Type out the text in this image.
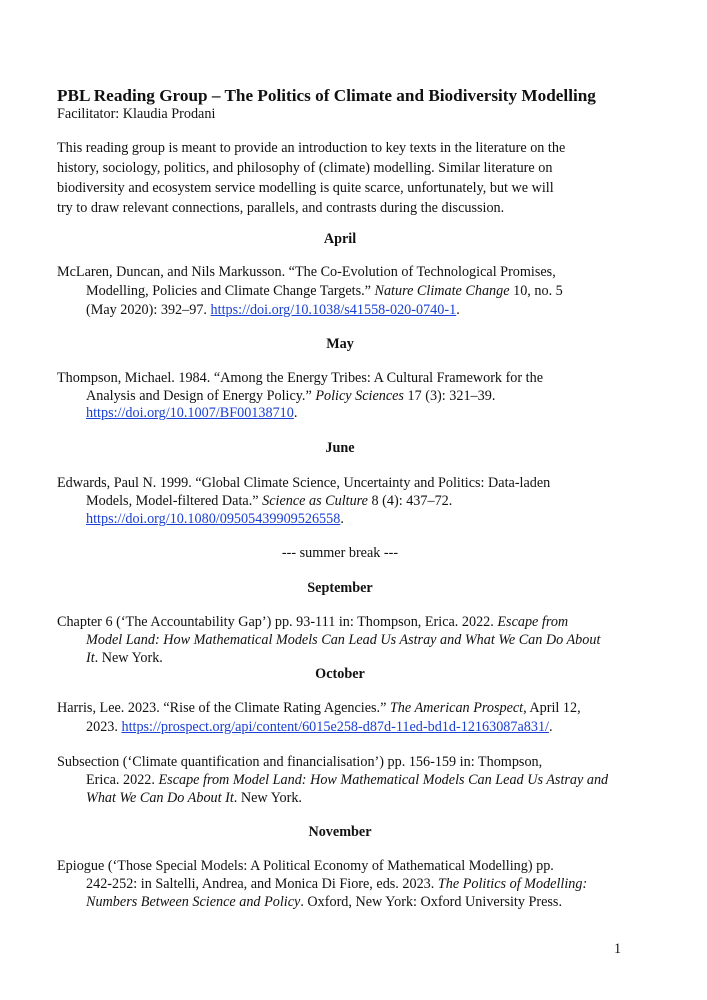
PBL Reading Group – The Politics of Climate and Biodiversity Modelling
Facilitator: Klaudia Prodani
This reading group is meant to provide an introduction to key texts in the literature on the
history, sociology, politics, and philosophy of (climate) modelling. Similar literature on
biodiversity and ecosystem service modelling is quite scarce, unfortunately, but we will
try to draw relevant connections, parallels, and contrasts during the discussion.
April
McLaren, Duncan, and Nils Markusson. “The Co-Evolution of Technological Promises,
Modelling, Policies and Climate Change Targets.” Nature Climate Change 10, no. 5
(May 2020): 392–97. https://doi.org/10.1038/s41558-020-0740-1.
May
Thompson, Michael. 1984. “Among the Energy Tribes: A Cultural Framework for the
Analysis and Design of Energy Policy.” Policy Sciences 17 (3): 321–39.
https://doi.org/10.1007/BF00138710.
June
Edwards, Paul N. 1999. “Global Climate Science, Uncertainty and Politics: Data-laden
Models, Model-filtered Data.” Science as Culture 8 (4): 437–72.
https://doi.org/10.1080/09505439909526558.
--- summer break ---
September
Chapter 6 (‘The Accountability Gap’) pp. 93-111 in: Thompson, Erica. 2022. Escape from
Model Land: How Mathematical Models Can Lead Us Astray and What We Can Do About
It. New York.
October
Harris, Lee. 2023. “Rise of the Climate Rating Agencies.” The American Prospect, April 12,
2023. https://prospect.org/api/content/6015e258-d87d-11ed-bd1d-12163087a831/.
Subsection (‘Climate quantification and financialisation’) pp. 156-159 in: Thompson,
Erica. 2022. Escape from Model Land: How Mathematical Models Can Lead Us Astray and
What We Can Do About It. New York.
November
Epiogue (‘Those Special Models: A Political Economy of Mathematical Modelling) pp.
242-252: in Saltelli, Andrea, and Monica Di Fiore, eds. 2023. The Politics of Modelling:
Numbers Between Science and Policy. Oxford, New York: Oxford University Press.
1
